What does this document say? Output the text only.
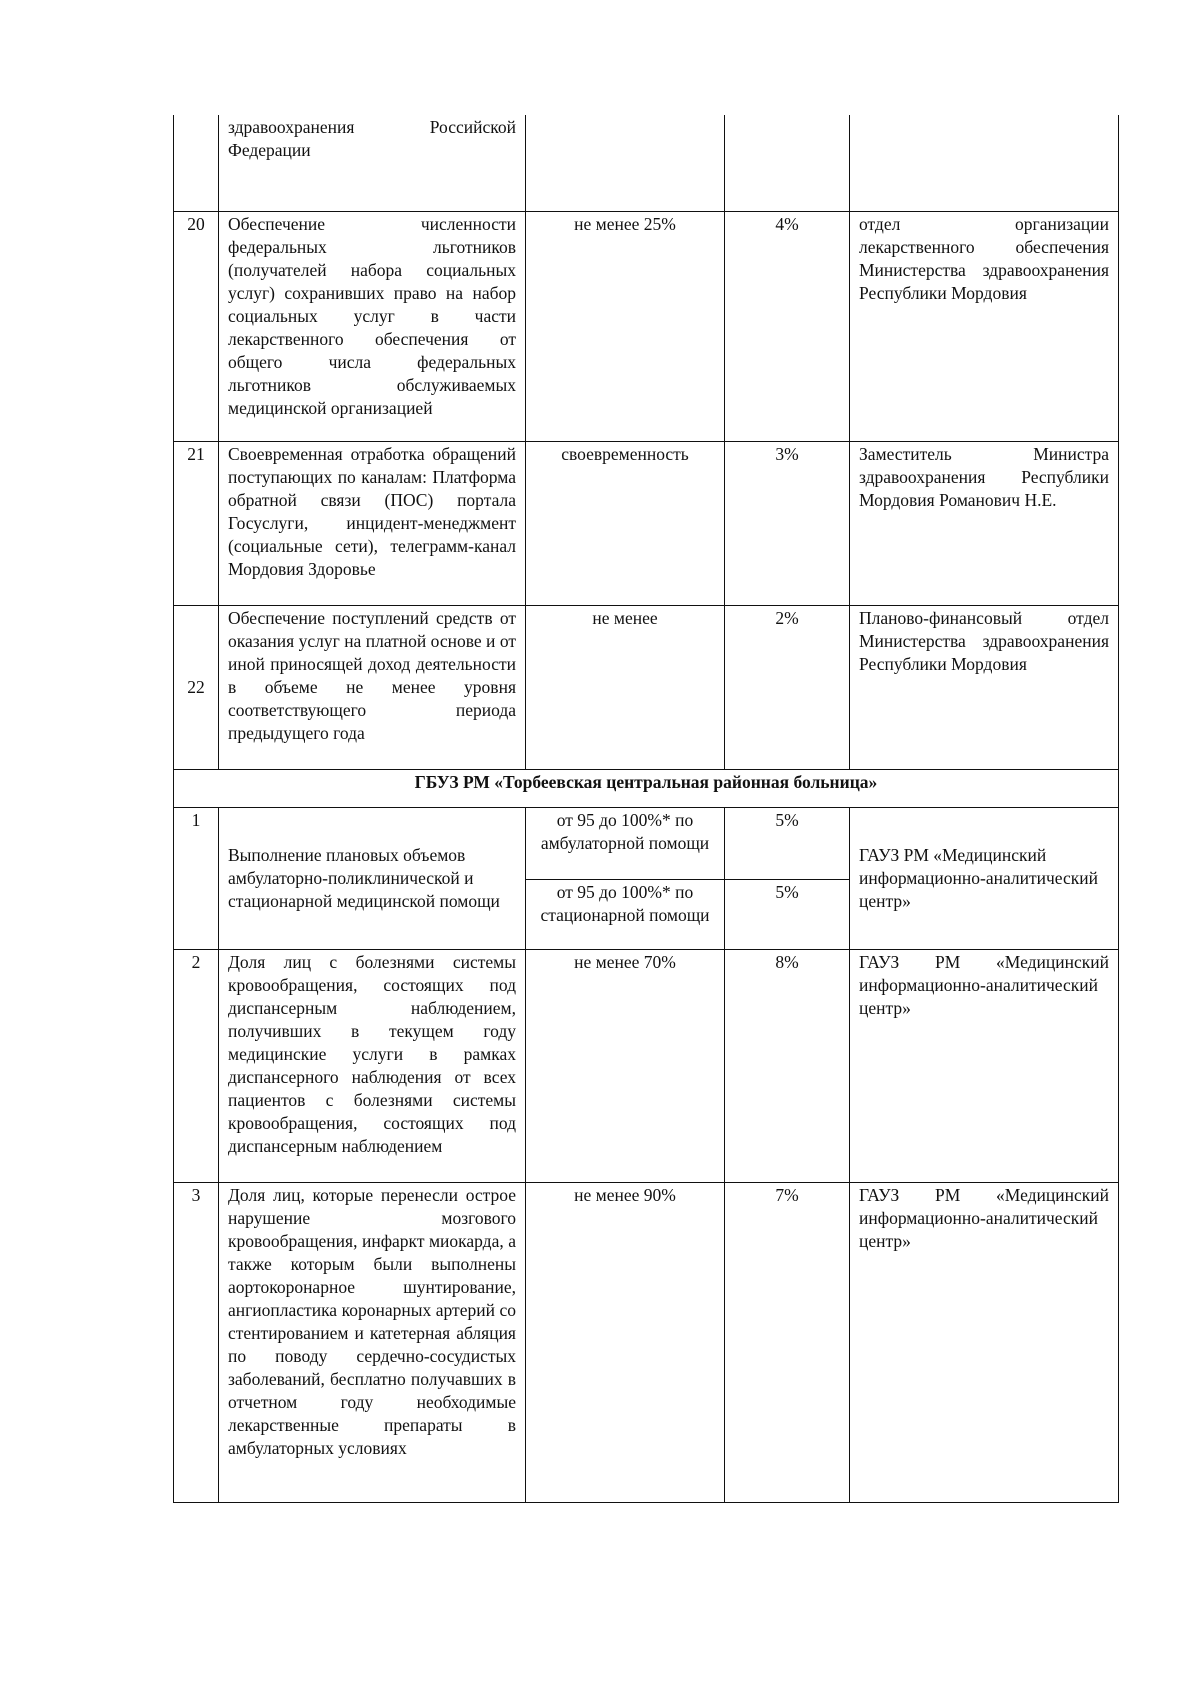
	здравоохранения Российской Федерации			
20	Обеспечение численности федеральных льготников (получателей набора социальных услуг) сохранивших право на набор социальных услуг в части лекарственного обеспечения от общего числа федеральных льготников обслуживаемых медицинской организацией	не менее 25%	4%	отдел организации лекарственного обеспечения Министерства здравоохранения Республики Мордовия
21	Своевременная отработка обращений поступающих по каналам: Платформа обратной связи (ПОС) портала Госуслуги, инцидент-менеджмент (социальные сети), телеграмм-канал Мордовия Здоровье	своевременность	3%	Заместитель Министра здравоохранения Республики Мордовия Романович Н.Е.
22	Обеспечение поступлений средств от оказания услуг на платной основе и от иной приносящей доход деятельности в объеме не менее уровня соответствующего периода предыдущего года	не менее	2%	Планово-финансовый отдел Министерства здравоохранения Республики Мордовия
ГБУЗ РМ «Торбеевская центральная районная больница»				
1	Выполнение плановых объемов амбулаторно-поликлинической и стационарной медицинской помощи	от 95 до 100%* по амбулаторной помощи	5%	ГАУЗ РМ «Медицинский информационно-аналитический центр»
		от 95 до 100%* по стационарной помощи	5%	
2	Доля лиц с болезнями системы кровообращения, состоящих под диспансерным наблюдением, получивших в текущем году медицинские услуги в рамках диспансерного наблюдения от всех пациентов с болезнями системы кровообращения, состоящих под диспансерным наблюдением	не менее 70%	8%	ГАУЗ РМ «Медицинский информационно-аналитический центр»
3	Доля лиц, которые перенесли острое нарушение мозгового кровообращения, инфаркт миокарда, а также которым были выполнены аортокоронарное шунтирование, ангиопластика коронарных артерий со стентированием и катетерная абляция по поводу сердечно-сосудистых заболеваний, бесплатно получавших в отчетном году необходимые лекарственные препараты в амбулаторных условиях	не менее 90%	7%	ГАУЗ РМ «Медицинский информационно-аналитический центр»
